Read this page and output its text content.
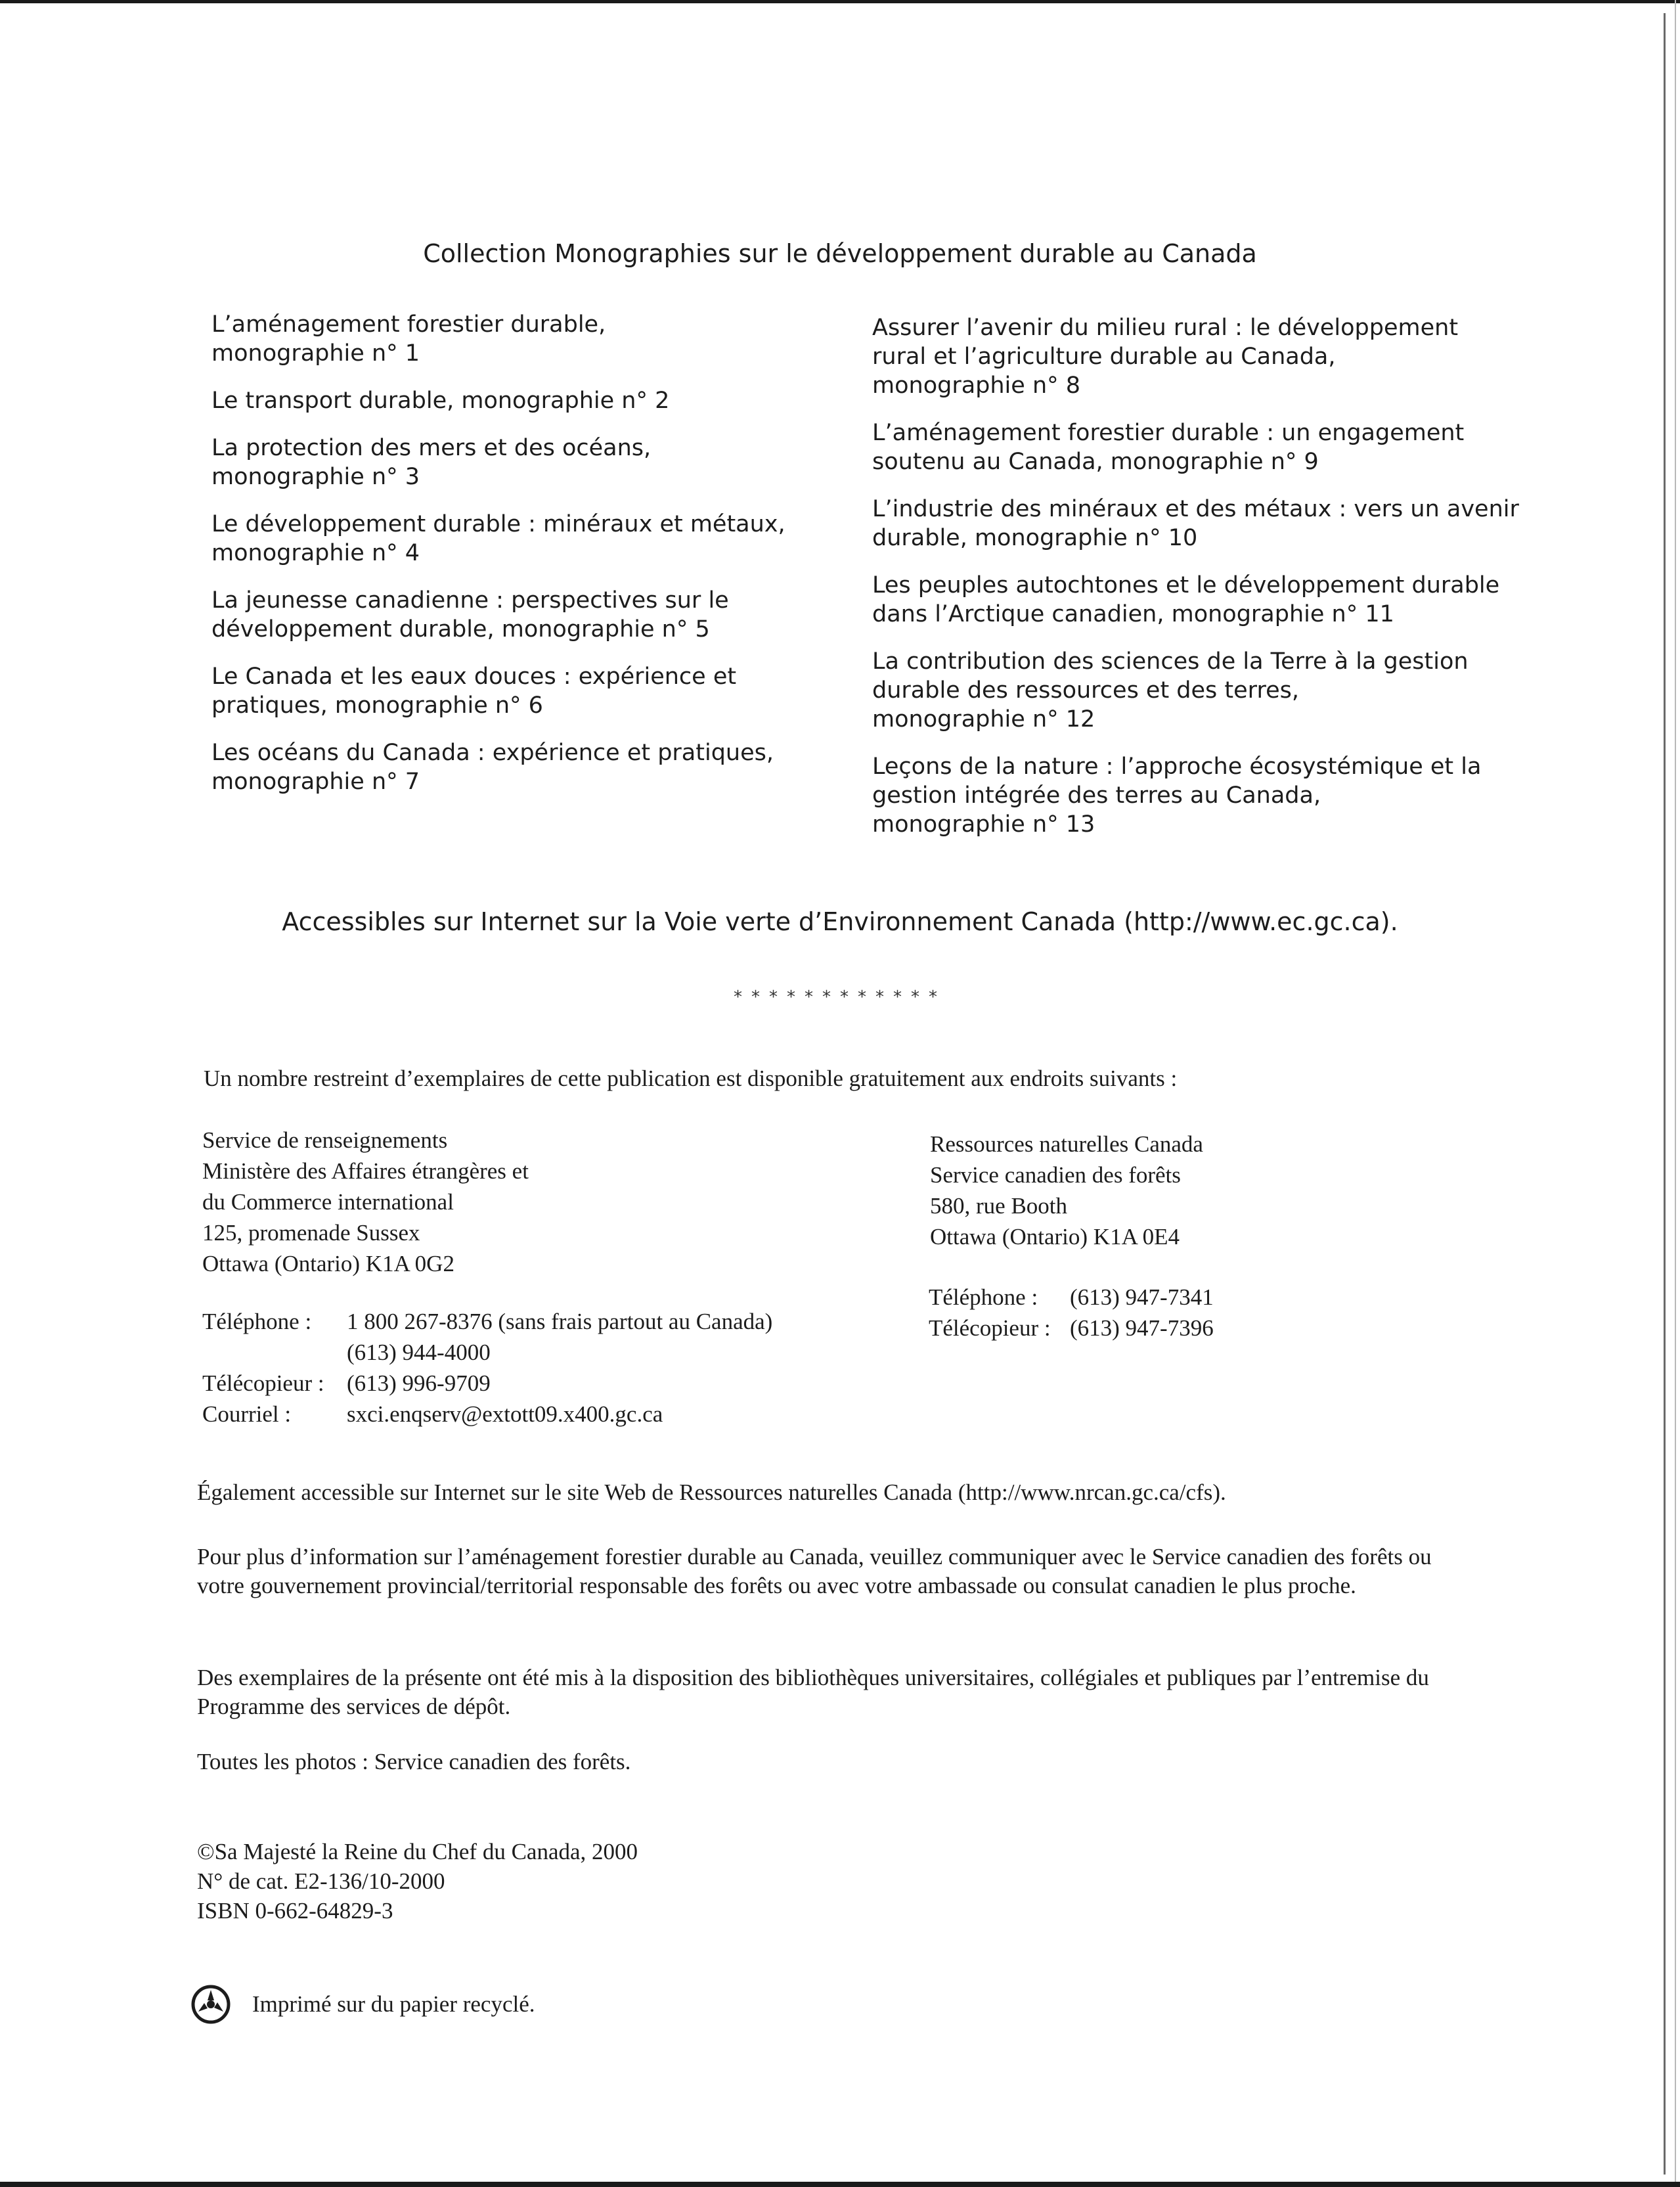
Collection Monographies sur le développement durable au Canada
L’aménagement forestier durable,
monographie n° 1
Le transport durable, monographie n° 2
La protection des mers et des océans,
monographie n° 3
Le développement durable : minéraux et métaux,
monographie n° 4
La jeunesse canadienne : perspectives sur le
développement durable, monographie n° 5
Le Canada et les eaux douces : expérience et
pratiques, monographie n° 6
Les océans du Canada : expérience et pratiques,
monographie n° 7
Assurer l’avenir du milieu rural : le développement
rural et l’agriculture durable au Canada,
monographie n° 8
L’aménagement forestier durable : un engagement
soutenu au Canada, monographie n° 9
L’industrie des minéraux et des métaux : vers un avenir
durable, monographie n° 10
Les peuples autochtones et le développement durable
dans l’Arctique canadien, monographie n° 11
La contribution des sciences de la Terre à la gestion
durable des ressources et des terres,
monographie n° 12
Leçons de la nature : l’approche écosystémique et la
gestion intégrée des terres au Canada,
monographie n° 13
Accessibles sur Internet sur la Voie verte d’Environnement Canada (http://www.ec.gc.ca).
************
Un nombre restreint d’exemplaires de cette publication est disponible gratuitement aux endroits suivants :
Service de renseignements
Ministère des Affaires étrangères et
du Commerce international
125, promenade Sussex
Ottawa (Ontario) K1A 0G2
Ressources naturelles Canada
Service canadien des forêts
580, rue Booth
Ottawa (Ontario) K1A 0E4
Téléphone :	1 800 267-8376 (sans frais partout au Canada)
(613) 944-4000
Télécopieur : (613) 996-9709
Courriel :	sxci.enqserv@extott09.x400.gc.ca
Téléphone :	(613) 947-7341
Télécopieur : (613) 947-7396
Également accessible sur Internet sur le site Web de Ressources naturelles Canada (http://www.nrcan.gc.ca/cfs).
Pour plus d’information sur l’aménagement forestier durable au Canada, veuillez communiquer avec le Service canadien des forêts ou votre gouvernement provincial/territorial responsable des forêts ou avec votre ambassade ou consulat canadien le plus proche.
Des exemplaires de la présente ont été mis à la disposition des bibliothèques universitaires, collégiales et publiques par l’entremise du Programme des services de dépôt.
Toutes les photos : Service canadien des forêts.
©Sa Majesté la Reine du Chef du Canada, 2000
N° de cat. E2-136/10-2000
ISBN 0-662-64829-3
Imprimé sur du papier recyclé.
